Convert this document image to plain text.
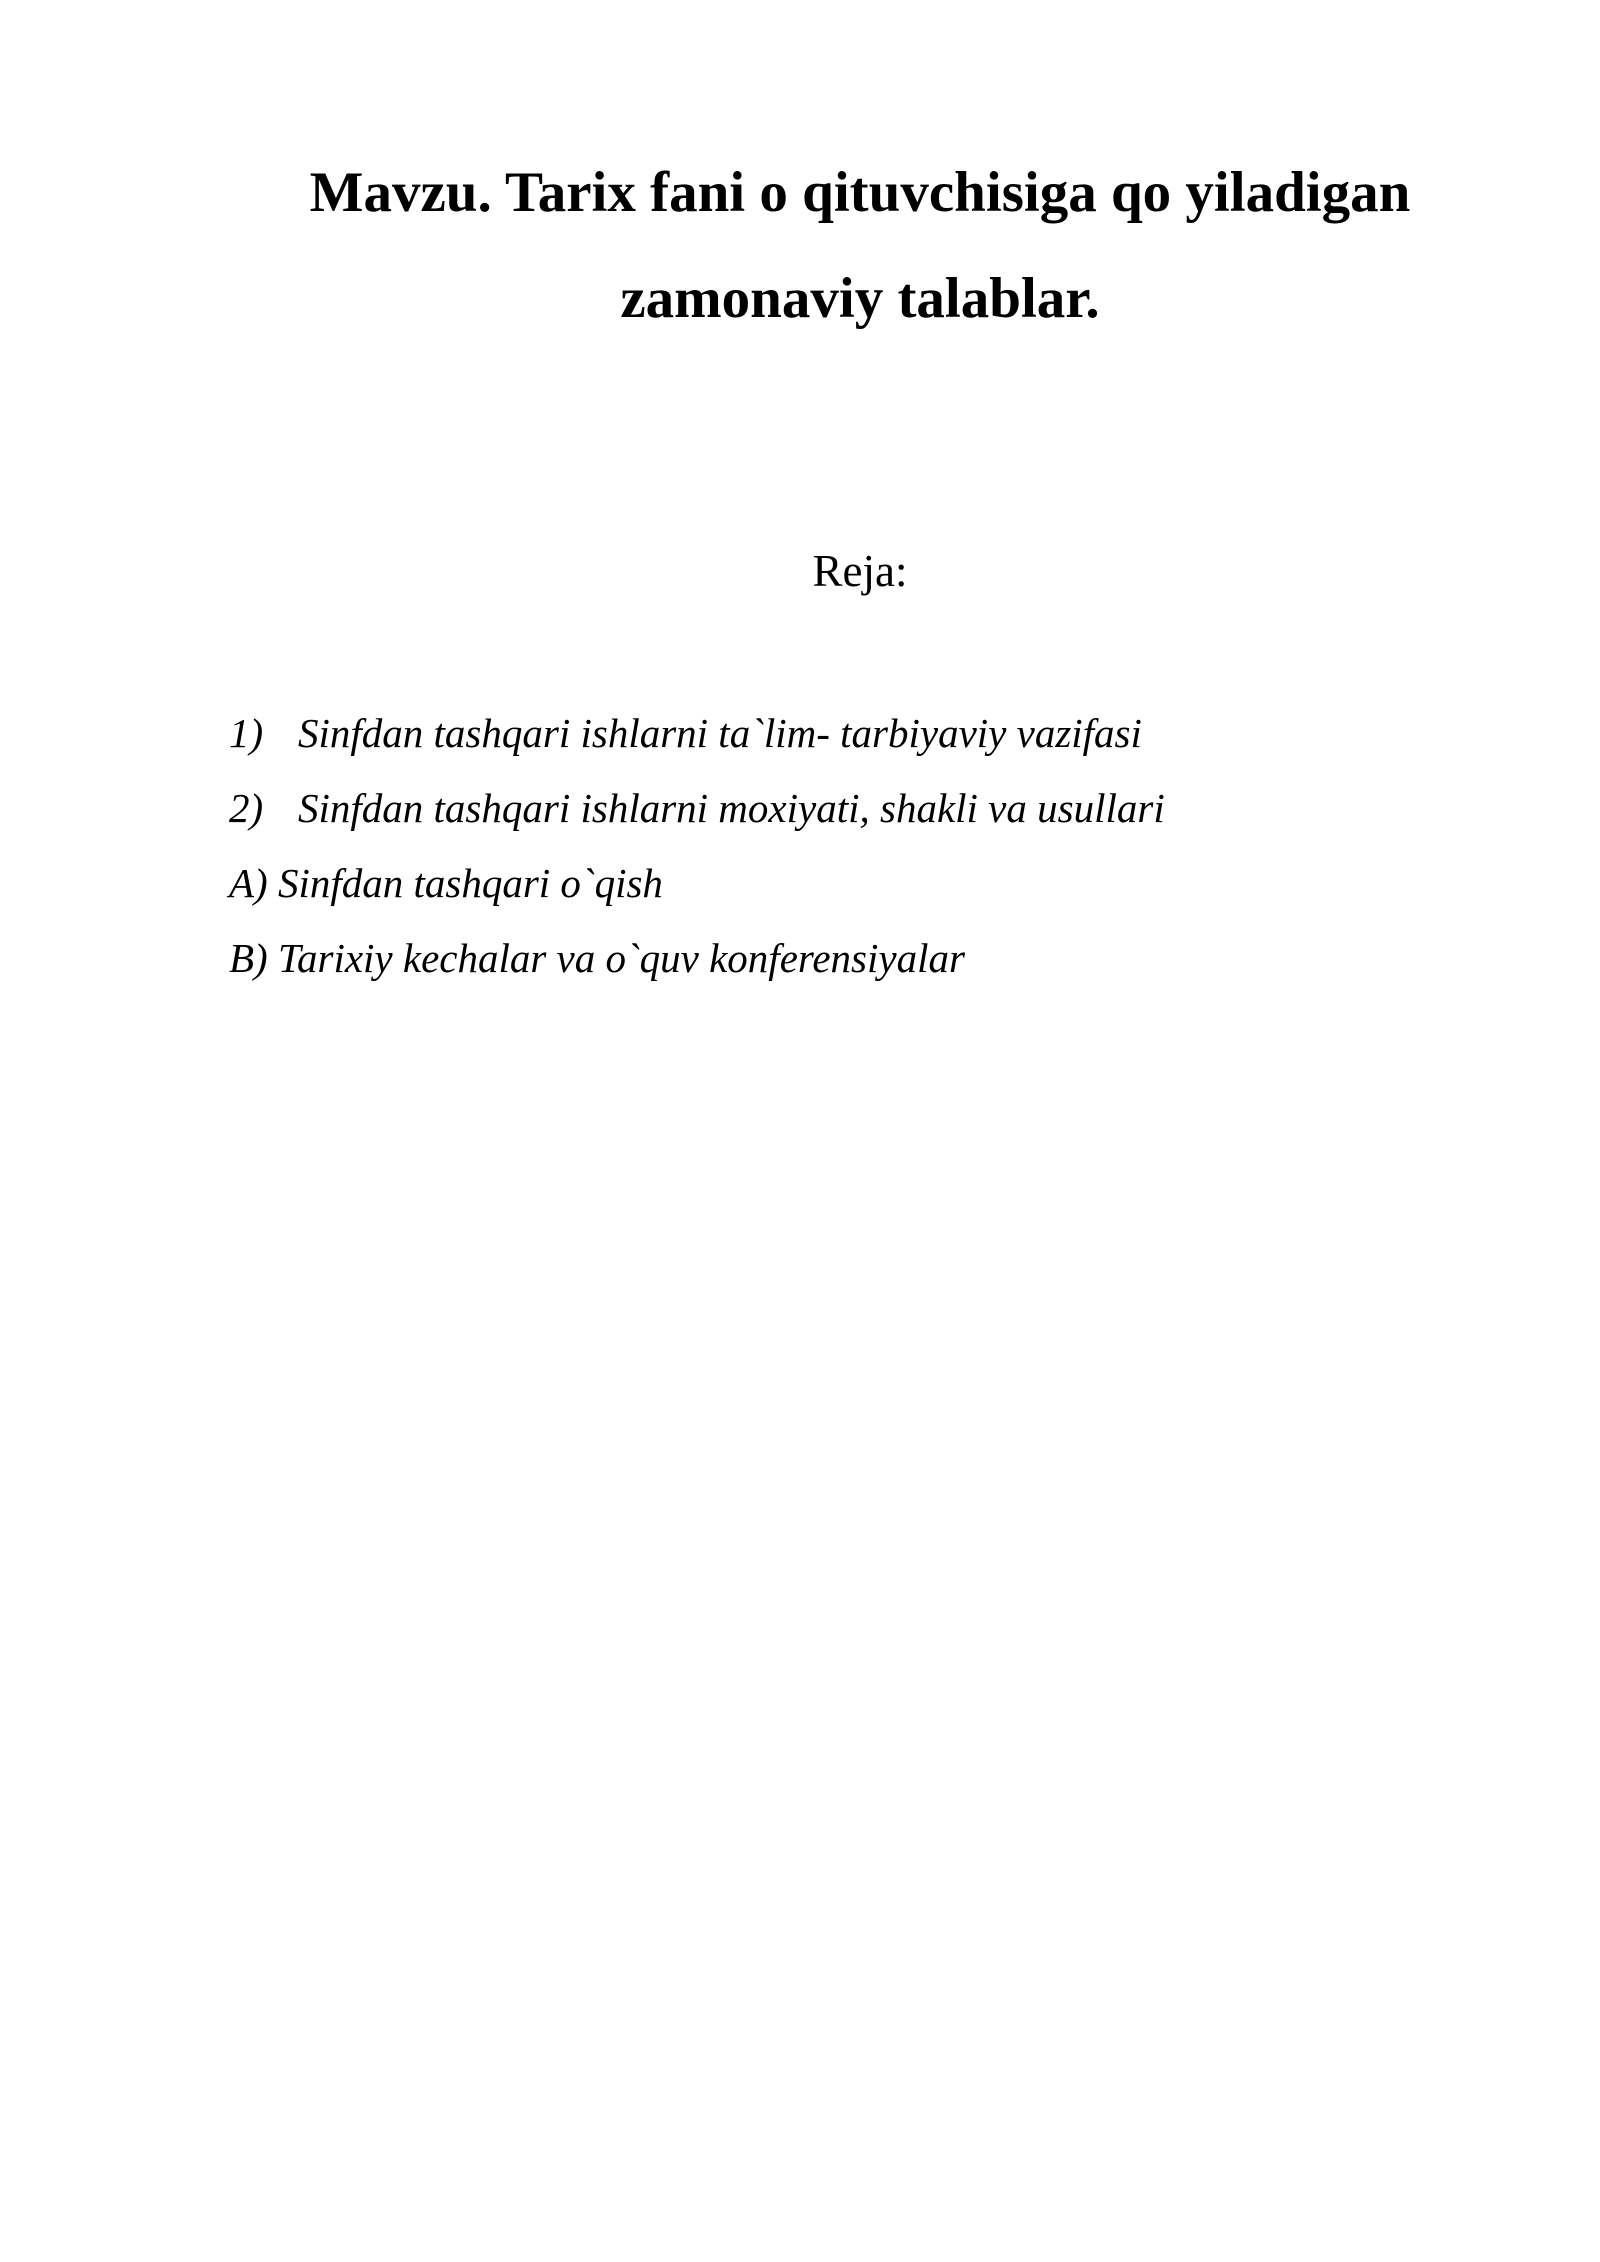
Mavzu. Tarix fani o qituvchisiga qo yiladigan
zamonaviy talablar.
Reja:
1) Sinfdan tashqari ishlarni ta`lim- tarbiyaviy vazifasi
2) Sinfdan tashqari ishlarni moxiyati, shakli va usullari
A) Sinfdan tashqari o`qish
B) Tarixiy kechalar va o`quv konferensiyalar
